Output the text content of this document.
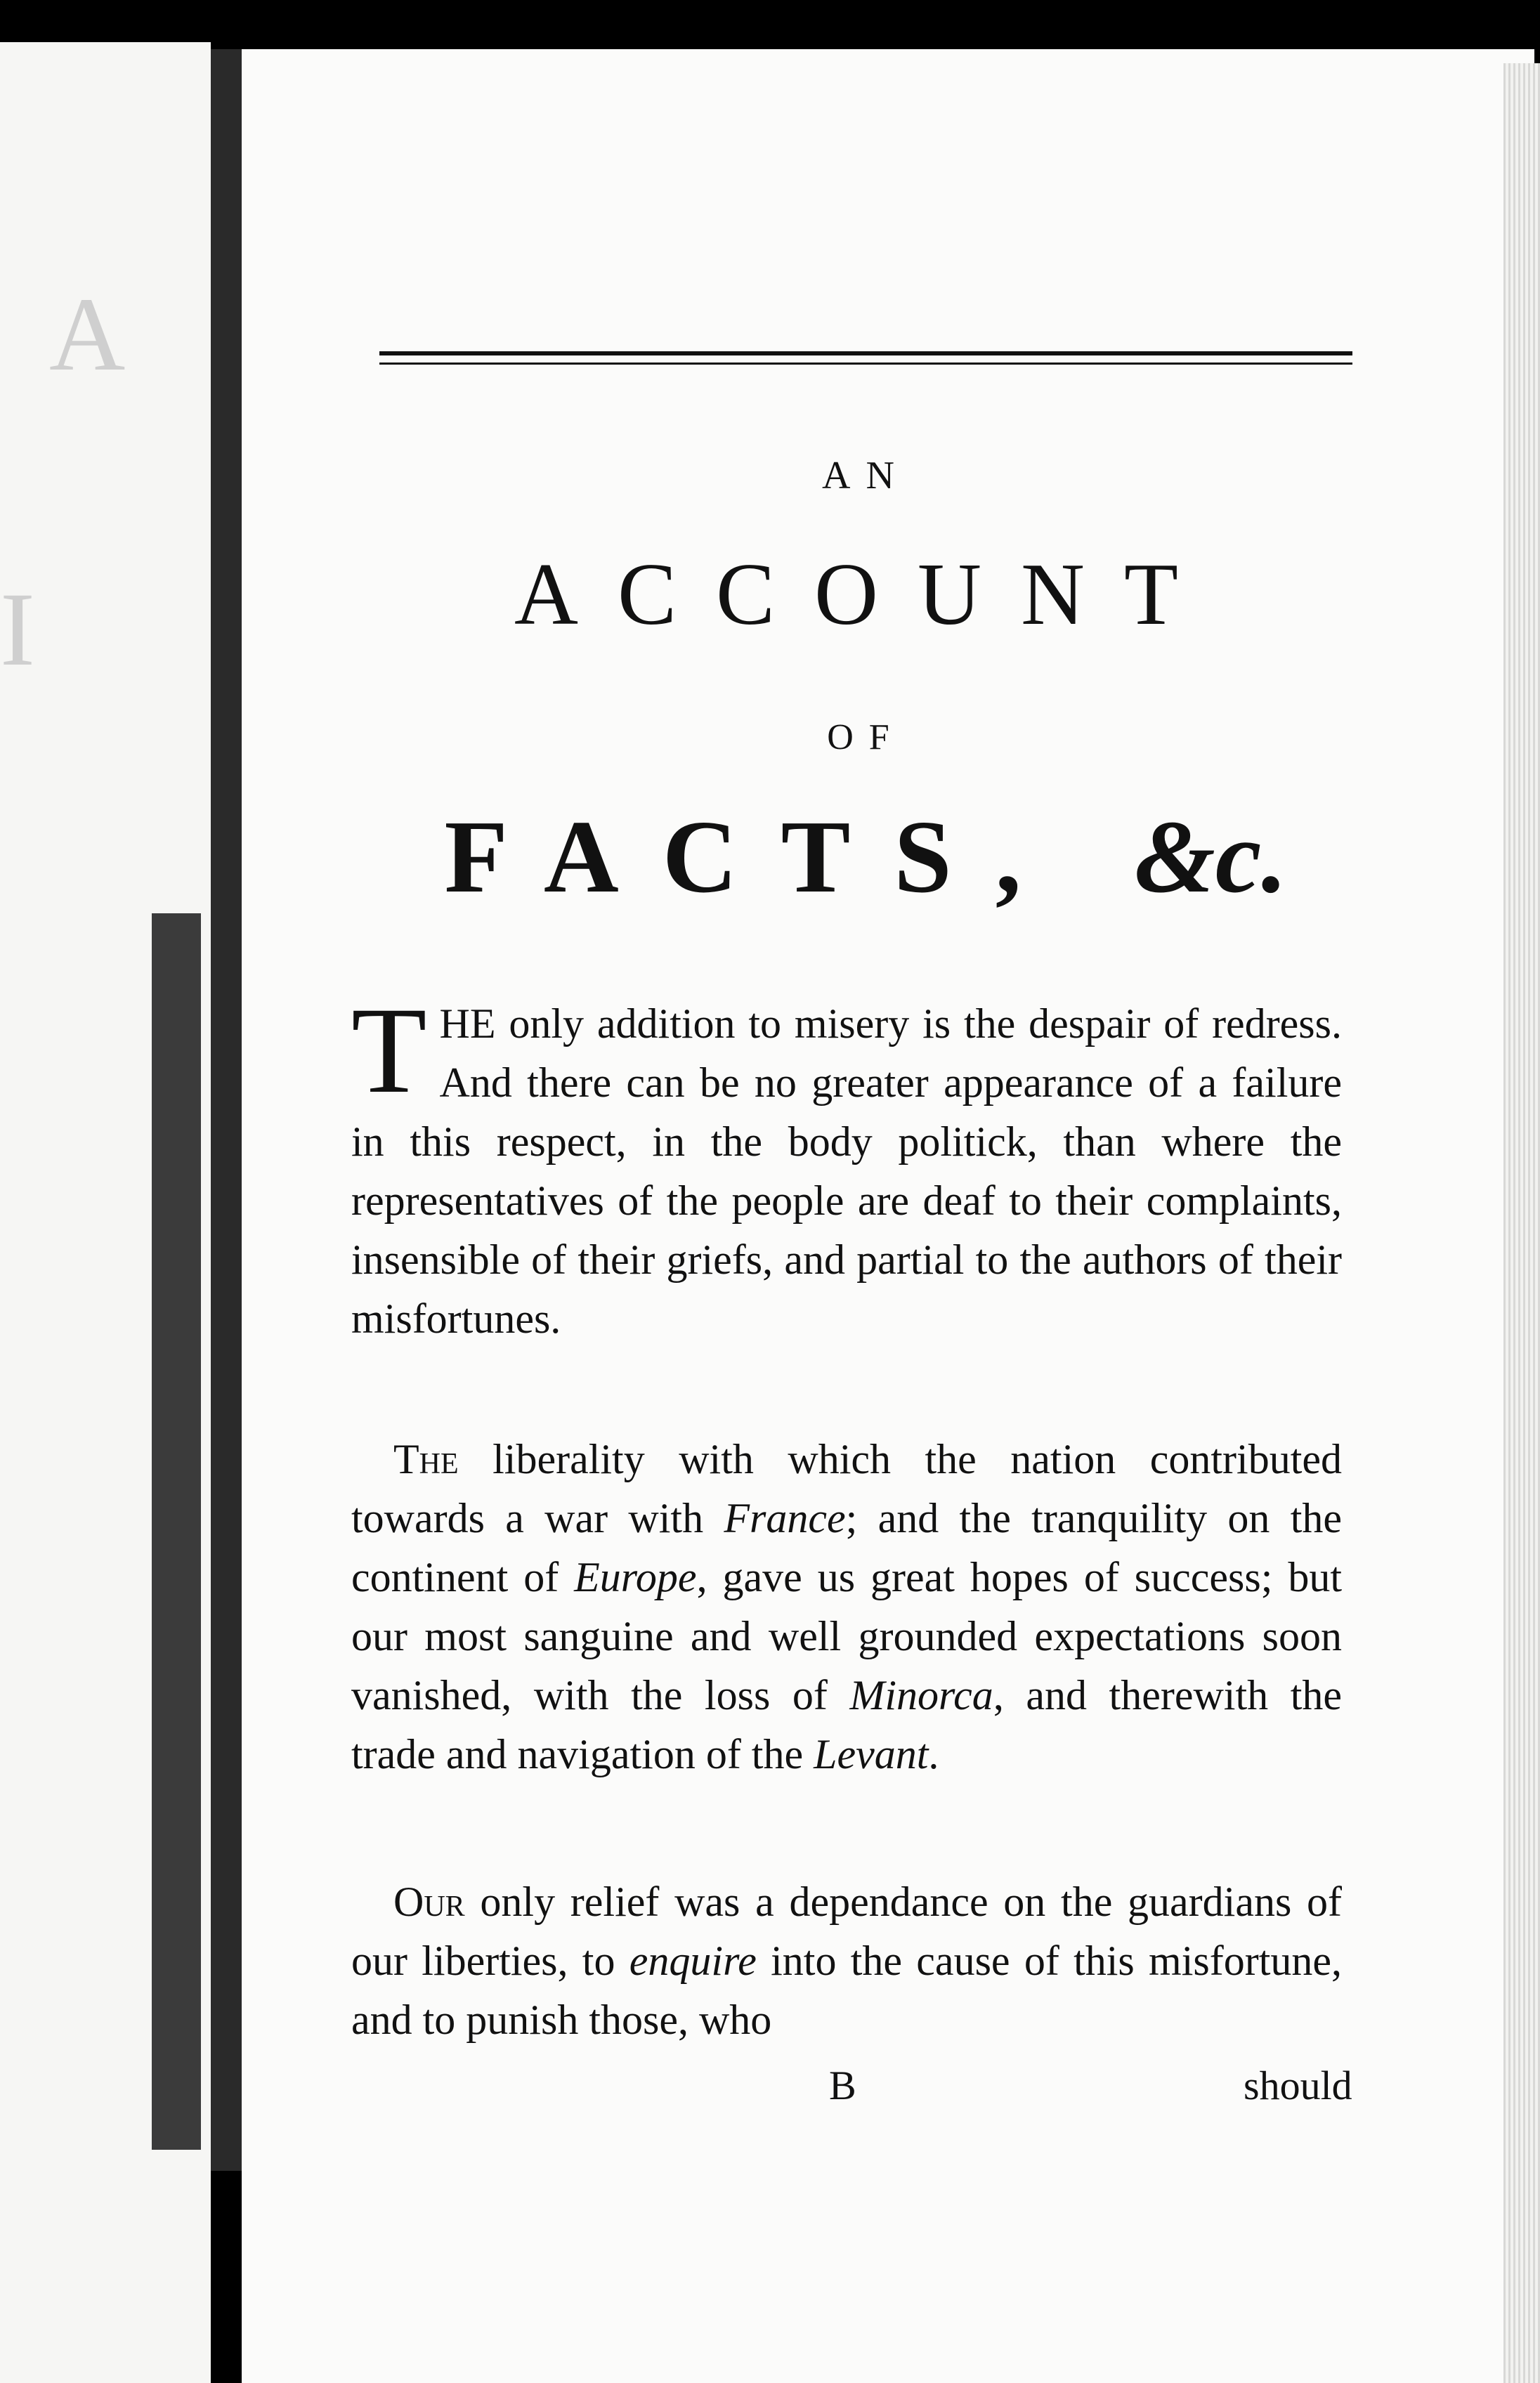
A
I
AN
ACCOUNT
OF
FACTS, &c.
THE only addition to misery is the despair of redress. And there can be no greater appearance of a failure in this respect, in the body politick, than where the representatives of the people are deaf to their complaints, insensible of their griefs, and partial to the authors of their misfortunes.
The liberality with which the nation contributed towards a war with France; and the tranquility on the continent of Europe, gave us great hopes of success; but our most sanguine and well grounded expectations soon vanished, with the loss of Minorca, and therewith the trade and navigation of the Levant.
Our only relief was a dependance on the guardians of our liberties, to enquire into the cause of this misfortune, and to punish those, who
B	should
